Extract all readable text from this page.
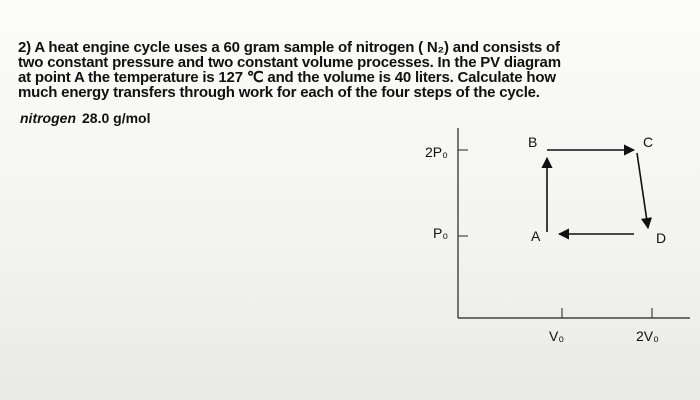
2) A heat engine cycle uses a 60 gram sample of nitrogen ( N₂) and consists of
two constant pressure and two constant volume processes. In the PV diagram
at point A the temperature is 127 ℃ and the volume is 40 liters. Calculate how
much energy transfers through work for each of the four steps of the cycle.
nitrogen 28.0 g/mol
2P₀
P₀
V₀	2V₀
A
B	C
D
